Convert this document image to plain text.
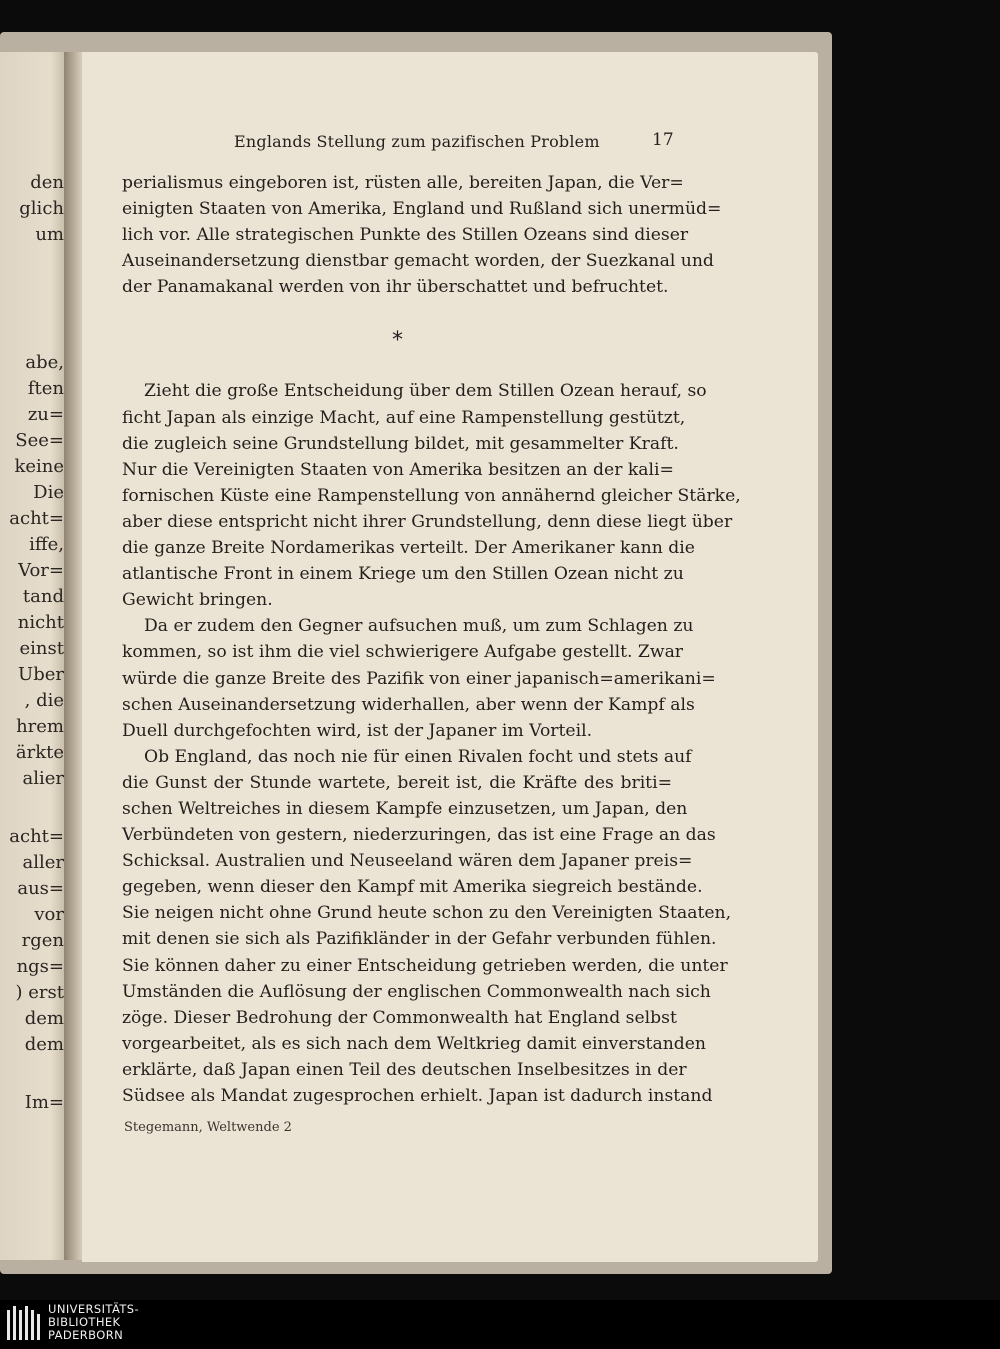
den
glich
um
abe,
ften
zu=
See=
keine
Die
acht=
iffe,
Vor=
tand
nicht
einst
Uber
, die
hrem
ärkte
alier
acht=
aller
aus=
vor
rgen
ngs=
) erst
dem
dem
Im=
Englands Stellung zum pazifischen Problem	17
perialismus eingeboren ist, rüsten alle, bereiten Japan, die Ver=
einigten Staaten von Amerika, England und Rußland sich unermüd=
lich vor. Alle strategischen Punkte des Stillen Ozeans sind dieser
Auseinandersetzung dienstbar gemacht worden, der Suezkanal und
der Panamakanal werden von ihr überschattet und befruchtet.
Zieht die große Entscheidung über dem Stillen Ozean herauf, so
ficht Japan als einzige Macht, auf eine Rampenstellung gestützt,
die zugleich seine Grundstellung bildet, mit gesammelter Kraft.
Nur die Vereinigten Staaten von Amerika besitzen an der kali=
fornischen Küste eine Rampenstellung von annähernd gleicher Stärke,
aber diese entspricht nicht ihrer Grundstellung, denn diese liegt über
die ganze Breite Nordamerikas verteilt. Der Amerikaner kann die
atlantische Front in einem Kriege um den Stillen Ozean nicht zu
Gewicht bringen.
Da er zudem den Gegner aufsuchen muß, um zum Schlagen zu
kommen, so ist ihm die viel schwierigere Aufgabe gestellt. Zwar
würde die ganze Breite des Pazifik von einer japanisch=amerikani=
schen Auseinandersetzung widerhallen, aber wenn der Kampf als
Duell durchgefochten wird, ist der Japaner im Vorteil.
Ob England, das noch nie für einen Rivalen focht und stets auf
die Gunst der Stunde wartete, bereit ist, die Kräfte des briti=
schen Weltreiches in diesem Kampfe einzusetzen, um Japan, den
Verbündeten von gestern, niederzuringen, das ist eine Frage an das
Schicksal. Australien und Neuseeland wären dem Japaner preis=
gegeben, wenn dieser den Kampf mit Amerika siegreich bestände.
Sie neigen nicht ohne Grund heute schon zu den Vereinigten Staaten,
mit denen sie sich als Pazifikländer in der Gefahr verbunden fühlen.
Sie können daher zu einer Entscheidung getrieben werden, die unter
Umständen die Auflösung der englischen Commonwealth nach sich
zöge. Dieser Bedrohung der Commonwealth hat England selbst
vorgearbeitet, als es sich nach dem Weltkrieg damit einverstanden
erklärte, daß Japan einen Teil des deutschen Inselbesitzes in der
Südsee als Mandat zugesprochen erhielt. Japan ist dadurch instand
*
Stegemann, Weltwende 2
UNIVERSITÄTS-
BIBLIOTHEK
PADERBORN
